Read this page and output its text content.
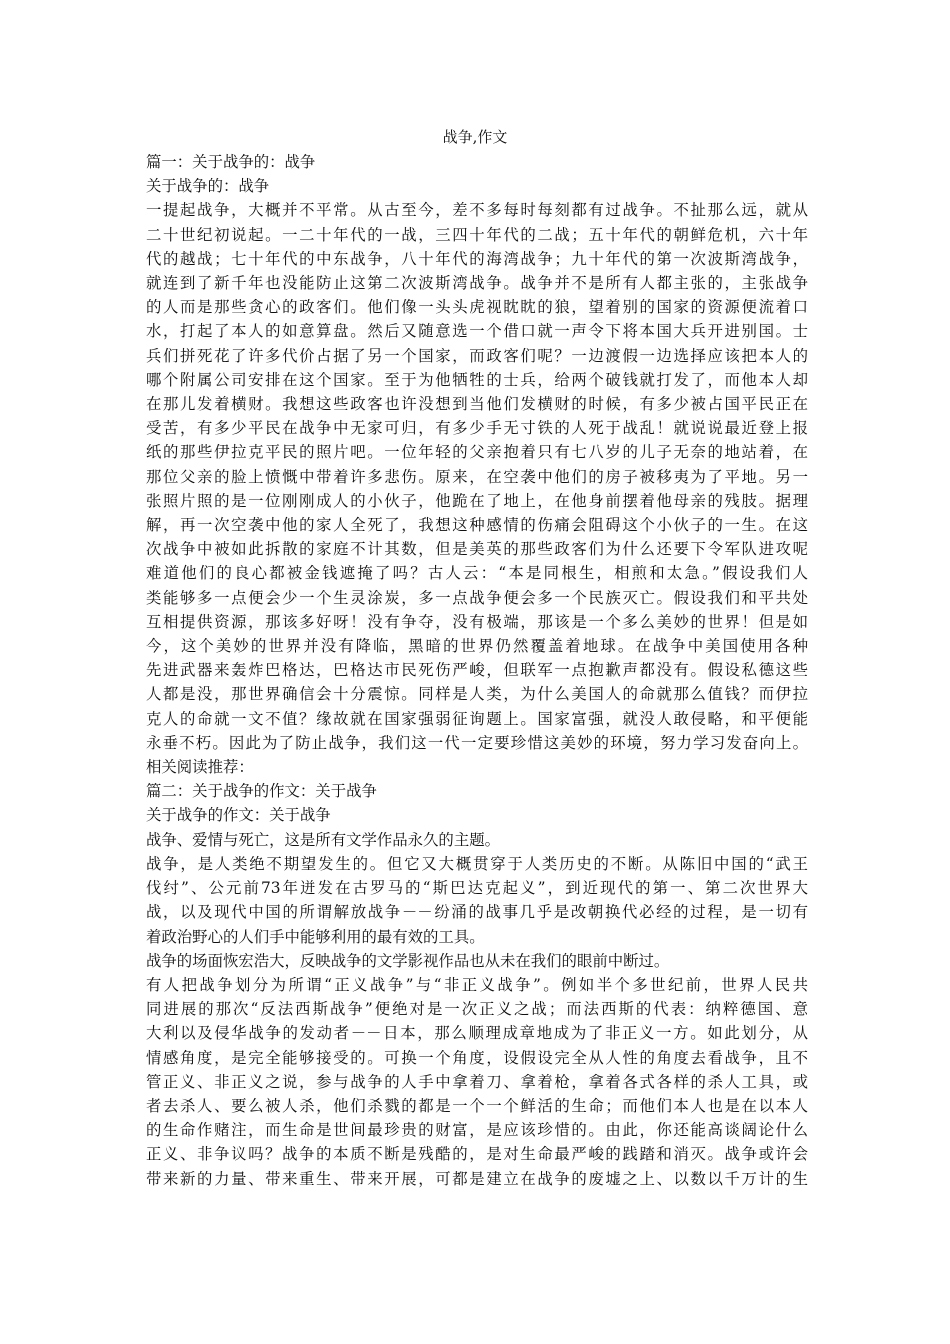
战争,作文
篇一：关于战争的：战争
关于战争的：战争
一提起战争，大概并不平常。从古至今，差不多每时每刻都有过战争。不扯那么远，就从
二十世纪初说起。一二十年代的一战，三四十年代的二战；五十年代的朝鲜危机，六十年
代的越战；七十年代的中东战争，八十年代的海湾战争；九十年代的第一次波斯湾战争，
就连到了新千年也没能防止这第二次波斯湾战争。战争并不是所有人都主张的，主张战争
的人而是那些贪心的政客们。他们像一头头虎视眈眈的狼，望着别的国家的资源便流着口
水，打起了本人的如意算盘。然后又随意选一个借口就一声令下将本国大兵开进别国。士
兵们拼死花了许多代价占据了另一个国家，而政客们呢？一边渡假一边选择应该把本人的
哪个附属公司安排在这个国家。至于为他牺牲的士兵，给两个破钱就打发了，而他本人却
在那儿发着横财。我想这些政客也许没想到当他们发横财的时候，有多少被占国平民正在
受苦，有多少平民在战争中无家可归，有多少手无寸铁的人死于战乱！就说说最近登上报
纸的那些伊拉克平民的照片吧。一位年轻的父亲抱着只有七八岁的儿子无奈的地站着，在
那位父亲的脸上愤慨中带着许多悲伤。原来，在空袭中他们的房子被移夷为了平地。另一
张照片照的是一位刚刚成人的小伙子，他跪在了地上，在他身前摆着他母亲的残肢。据理
解，再一次空袭中他的家人全死了，我想这种感情的伤痛会阻碍这个小伙子的一生。在这
次战争中被如此拆散的家庭不计其数，但是美英的那些政客们为什么还要下令军队进攻呢
难道他们的良心都被金钱遮掩了吗？古人云：“本是同根生，相煎和太急。”假设我们人
类能够多一点便会少一个生灵涂炭，多一点战争便会多一个民族灭亡。假设我们和平共处
互相提供资源，那该多好呀！没有争夺，没有极端，那该是一个多么美妙的世界！但是如
今，这个美妙的世界并没有降临，黑暗的世界仍然覆盖着地球。在战争中美国使用各种
先进武器来轰炸巴格达，巴格达市民死伤严峻，但联军一点抱歉声都没有。假设私德这些
人都是没，那世界确信会十分震惊。同样是人类，为什么美国人的命就那么值钱？而伊拉
克人的命就一文不值？缘故就在国家强弱征询题上。国家富强，就没人敢侵略，和平便能
永垂不朽。因此为了防止战争，我们这一代一定要珍惜这美妙的环境，努力学习发奋向上。
相关阅读推荐：
篇二：关于战争的作文：关于战争
关于战争的作文：关于战争
战争、爱情与死亡，这是所有文学作品永久的主题。
战争，是人类绝不期望发生的。但它又大概贯穿于人类历史的不断。从陈旧中国的“武王
伐纣”、公元前73年迸发在古罗马的“斯巴达克起义”，到近现代的第一、第二次世界大
战，以及现代中国的所谓解放战争－－纷涌的战事几乎是改朝换代必经的过程，是一切有
着政治野心的人们手中能够利用的最有效的工具。
战争的场面恢宏浩大，反映战争的文学影视作品也从未在我们的眼前中断过。
有人把战争划分为所谓“正义战争”与“非正义战争”。例如半个多世纪前，世界人民共
同进展的那次“反法西斯战争”便绝对是一次正义之战；而法西斯的代表：纳粹德国、意
大利以及侵华战争的发动者－－日本，那么顺理成章地成为了非正义一方。如此划分，从
情感角度，是完全能够接受的。可换一个角度，设假设完全从人性的角度去看战争，且不
管正义、非正义之说，参与战争的人手中拿着刀、拿着枪，拿着各式各样的杀人工具，或
者去杀人、要么被人杀，他们杀戮的都是一个一个鲜活的生命；而他们本人也是在以本人
的生命作赌注，而生命是世间最珍贵的财富，是应该珍惜的。由此，你还能高谈阔论什么
正义、非争议吗？战争的本质不断是残酷的，是对生命最严峻的践踏和消灭。战争或许会
带来新的力量、带来重生、带来开展，可都是建立在战争的废墟之上、以数以千万计的生
